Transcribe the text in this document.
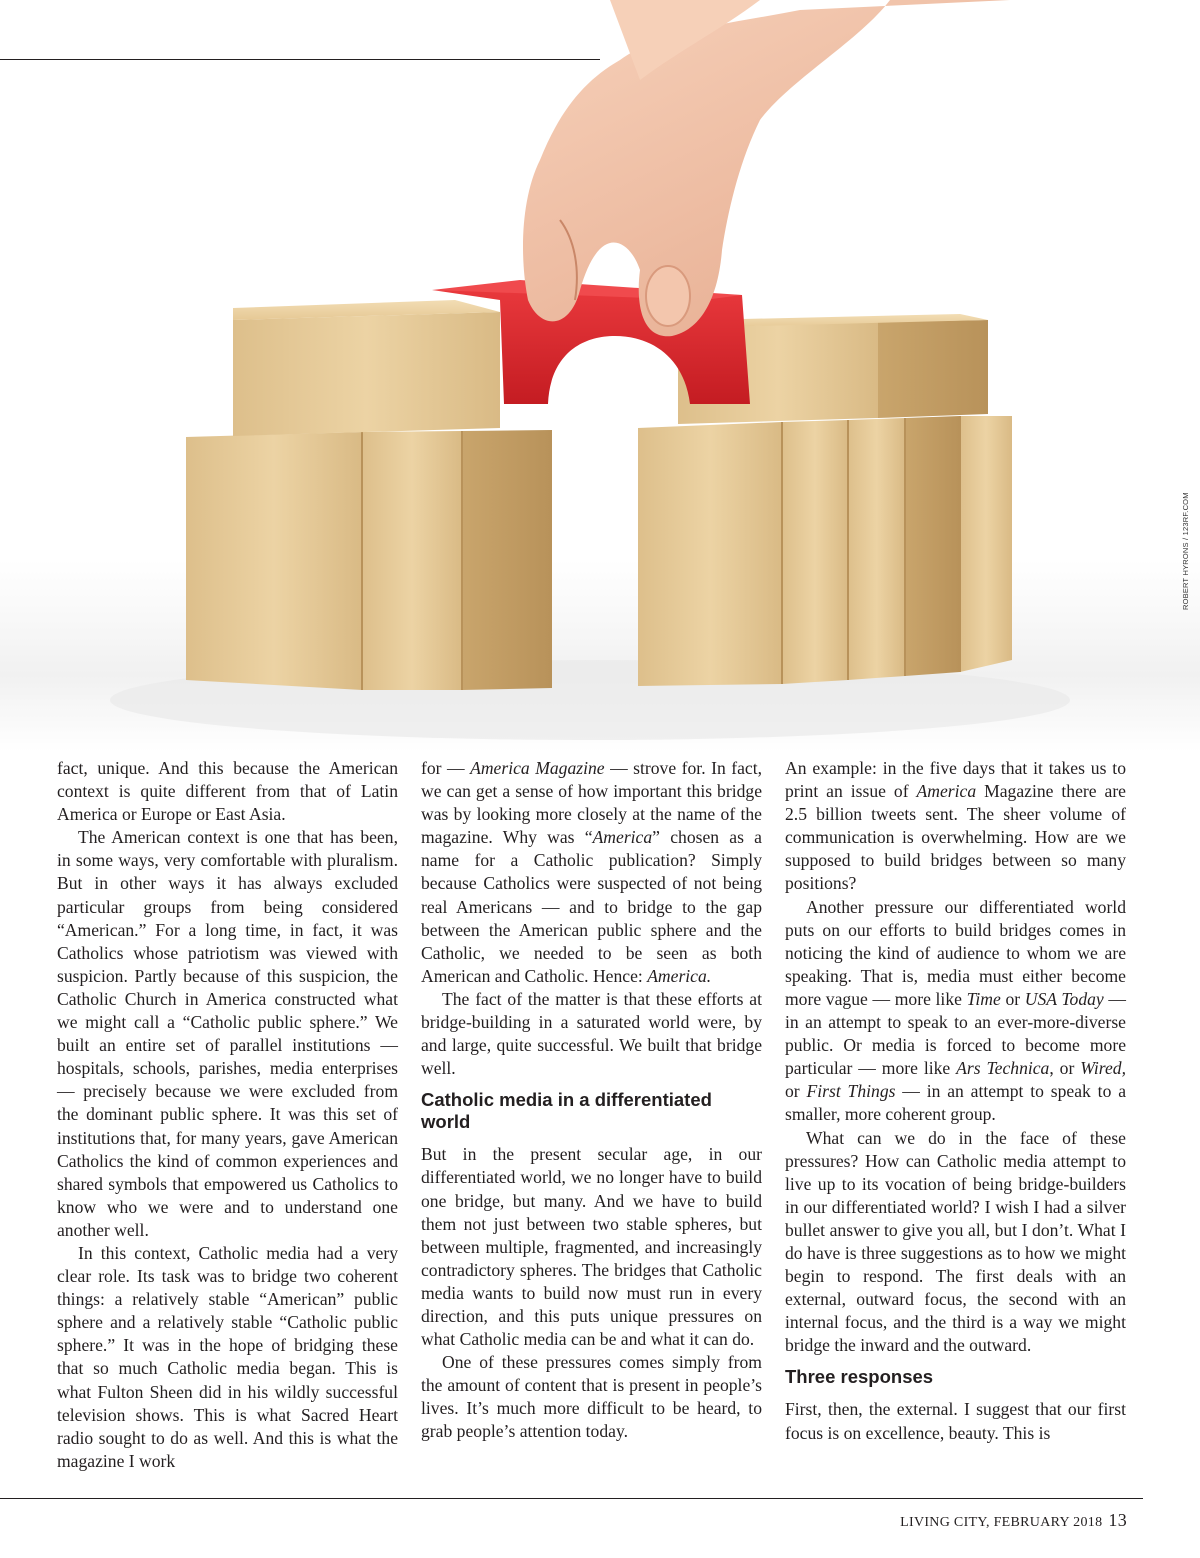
ROBERT HYRONS / 123RF.COM

fact, unique. And this because the American context is quite different from that of Latin America or Europe or East Asia.

The American context is one that has been, in some ways, very comfortable with pluralism. But in other ways it has always excluded particular groups from being considered “American.” For a long time, in fact, it was Catholics whose patriotism was viewed with suspicion. Partly because of this suspicion, the Catholic Church in America constructed what we might call a “Catholic public sphere.” We built an entire set of parallel institutions — hospitals, schools, parishes, media enterprises — precisely because we were excluded from the dominant public sphere. It was this set of institutions that, for many years, gave American Catholics the kind of common experiences and shared symbols that empowered us Catholics to know who we were and to understand one another well.

In this context, Catholic media had a very clear role. Its task was to bridge two coherent things: a relatively stable “American” public sphere and a relatively stable “Catholic public sphere.” It was in the hope of bridging these that so much Catholic media began. This is what Fulton Sheen did in his wildly successful television shows. This is what Sacred Heart radio sought to do as well. And this is what the magazine I work

for — America Magazine — strove for. In fact, we can get a sense of how important this bridge was by looking more closely at the name of the magazine. Why was “America” chosen as a name for a Catholic publication? Simply because Catholics were suspected of not being real Americans — and to bridge to the gap between the American public sphere and the Catholic, we needed to be seen as both American and Catholic. Hence: America.

The fact of the matter is that these efforts at bridge-building in a saturated world were, by and large, quite successful. We built that bridge well.

Catholic media in a differentiated world

But in the present secular age, in our differentiated world, we no longer have to build one bridge, but many. And we have to build them not just between two stable spheres, but between multiple, fragmented, and increasingly contradictory spheres. The bridges that Catholic media wants to build now must run in every direction, and this puts unique pressures on what Catholic media can be and what it can do.

One of these pressures comes simply from the amount of content that is present in people’s lives. It’s much more difficult to be heard, to grab people’s attention today.

An example: in the five days that it takes us to print an issue of America Magazine there are 2.5 billion tweets sent. The sheer volume of communication is overwhelming. How are we supposed to build bridges between so many positions?

Another pressure our differentiated world puts on our efforts to build bridges comes in noticing the kind of audience to whom we are speaking. That is, media must either become more vague — more like Time or USA Today — in an attempt to speak to an ever-more-diverse public. Or media is forced to become more particular — more like Ars Technica, or Wired, or First Things — in an attempt to speak to a smaller, more coherent group.

What can we do in the face of these pressures? How can Catholic media attempt to live up to its vocation of being bridge-builders in our differentiated world? I wish I had a silver bullet answer to give you all, but I don’t. What I do have is three suggestions as to how we might begin to respond. The first deals with an external, outward focus, the second with an internal focus, and the third is a way we might bridge the inward and the outward.

Three responses

First, then, the external. I suggest that our first focus is on excellence, beauty. This is

LIVING CITY, FEBRUARY 2018 13
